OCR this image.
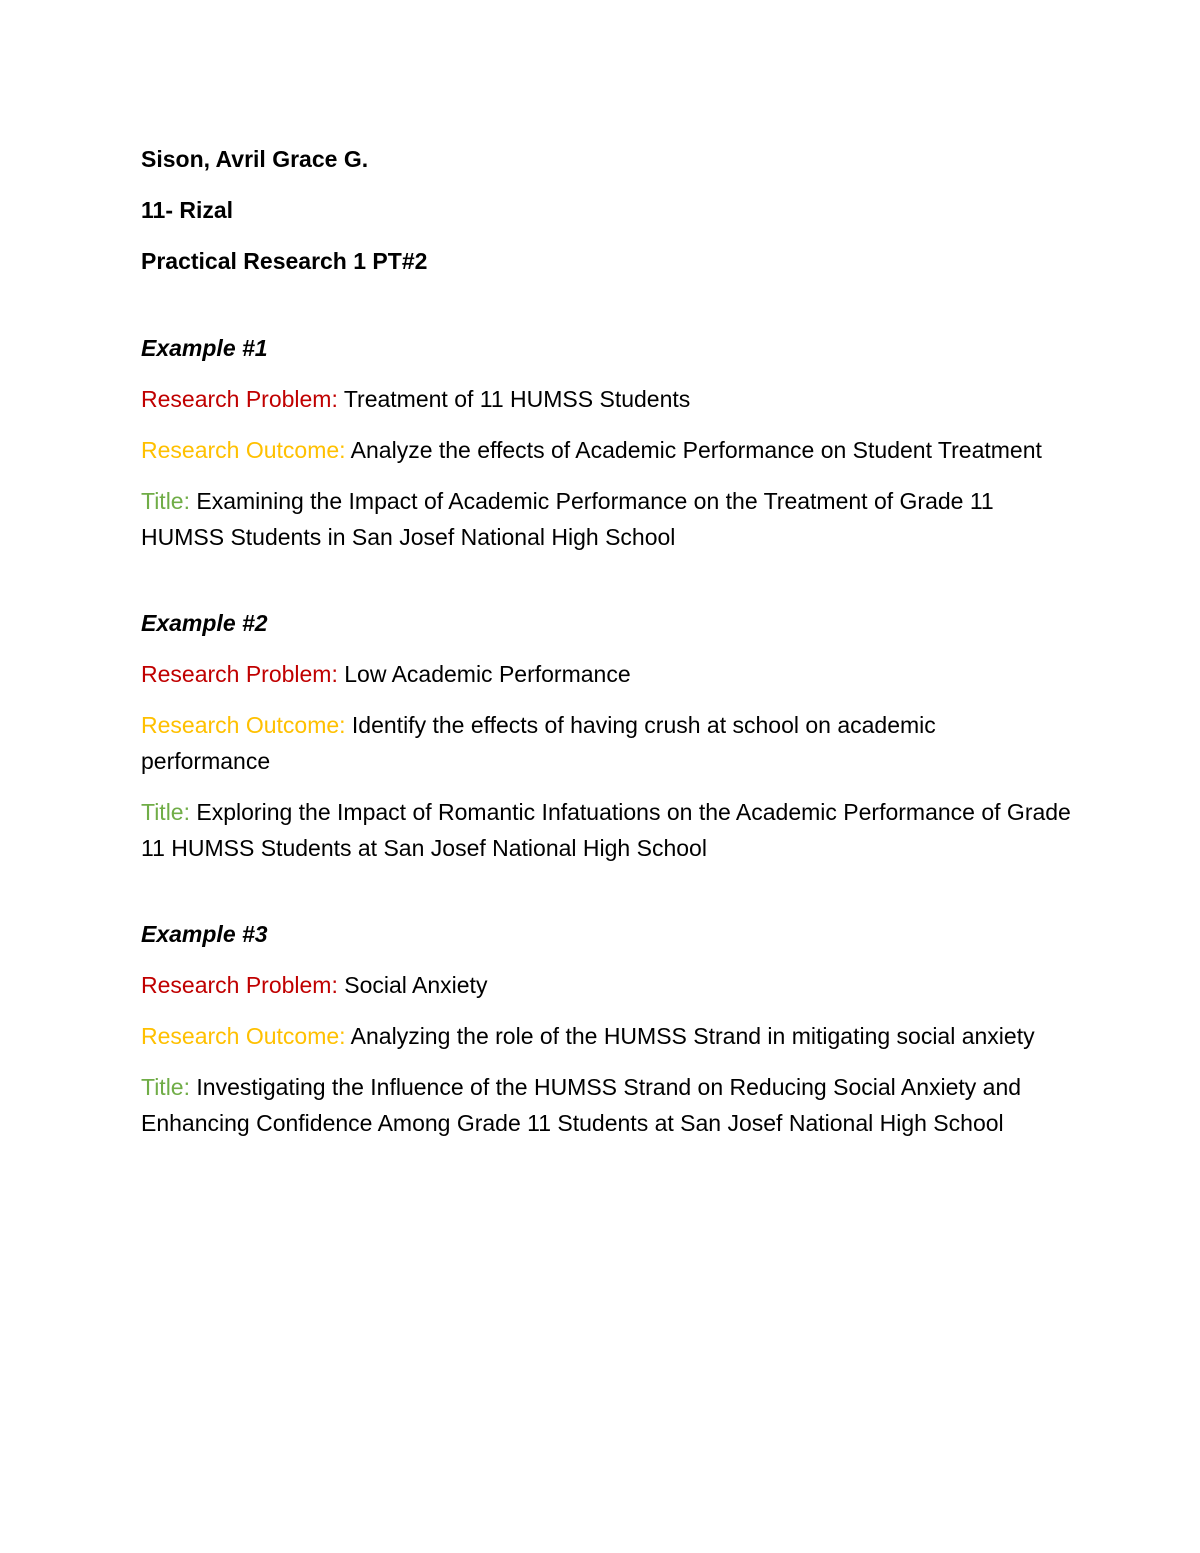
Sison, Avril Grace G.
11- Rizal
Practical Research 1 PT#2
Example #1
Research Problem: Treatment of 11 HUMSS Students
Research Outcome: Analyze the effects of Academic Performance on Student Treatment
Title: Examining the Impact of Academic Performance on the Treatment of Grade 11 HUMSS Students in San Josef National High School
Example #2
Research Problem: Low Academic Performance
Research Outcome: Identify the effects of having crush at school on academic performance
Title: Exploring the Impact of Romantic Infatuations on the Academic Performance of Grade 11 HUMSS Students at San Josef National High School
Example #3
Research Problem: Social Anxiety
Research Outcome: Analyzing the role of the HUMSS Strand in mitigating social anxiety
Title: Investigating the Influence of the HUMSS Strand on Reducing Social Anxiety and Enhancing Confidence Among Grade 11 Students at San Josef National High School
